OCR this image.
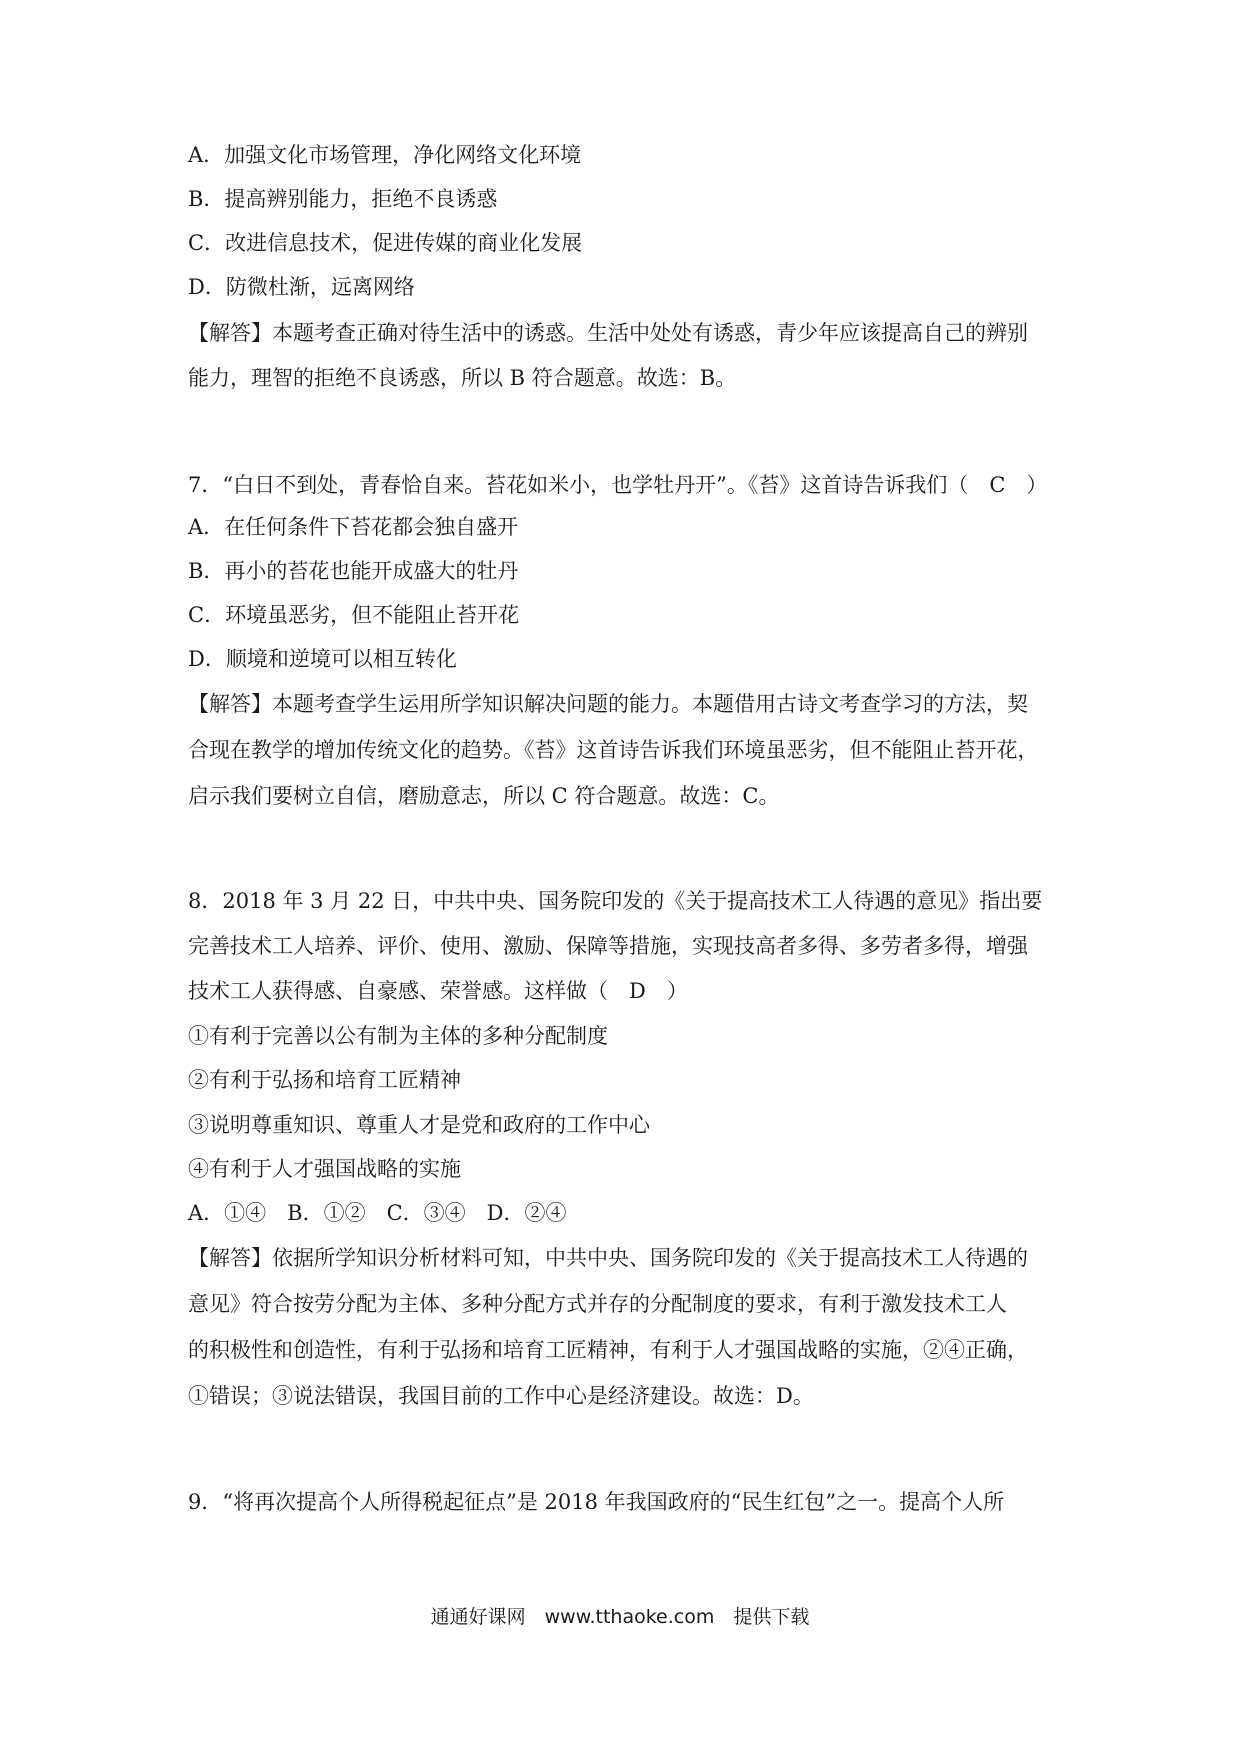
A．加强文化市场管理，净化网络文化环境
B．提高辨别能力，拒绝不良诱惑
C．改进信息技术，促进传媒的商业化发展
D．防微杜渐，远离网络
【解答】本题考查正确对待生活中的诱惑。生活中处处有诱惑，青少年应该提高自己的辨别
能力，理智的拒绝不良诱惑，所以 B 符合题意。故选：B。
7．“白日不到处，青春恰自来。苔花如米小，也学牡丹开”。《苔》这首诗告诉我们（　C　）
A．在任何条件下苔花都会独自盛开
B．再小的苔花也能开成盛大的牡丹
C．环境虽恶劣，但不能阻止苔开花
D．顺境和逆境可以相互转化
【解答】本题考查学生运用所学知识解决问题的能力。本题借用古诗文考查学习的方法，契
合现在教学的增加传统文化的趋势。《苔》这首诗告诉我们环境虽恶劣，但不能阻止苔开花，
启示我们要树立自信，磨励意志，所以 C 符合题意。故选：C。
8．2018 年 3 月 22 日，中共中央、国务院印发的《关于提高技术工人待遇的意见》指出要
完善技术工人培养、评价、使用、激励、保障等措施，实现技高者多得、多劳者多得，增强
技术工人获得感、自豪感、荣誉感。这样做（　D　）
①有利于完善以公有制为主体的多种分配制度
②有利于弘扬和培育工匠精神
③说明尊重知识、尊重人才是党和政府的工作中心
④有利于人才强国战略的实施
A．①④　B．①②　C．③④　D．②④
【解答】依据所学知识分析材料可知，中共中央、国务院印发的《关于提高技术工人待遇的
意见》符合按劳分配为主体、多种分配方式并存的分配制度的要求，有利于激发技术工人
的积极性和创造性，有利于弘扬和培育工匠精神，有利于人才强国战略的实施，②④正确，
①错误；③说法错误，我国目前的工作中心是经济建设。故选：D。
9．“将再次提高个人所得税起征点”是 2018 年我国政府的“民生红包”之一。提高个人所
通通好课网　www.tthaoke.com　提供下载
